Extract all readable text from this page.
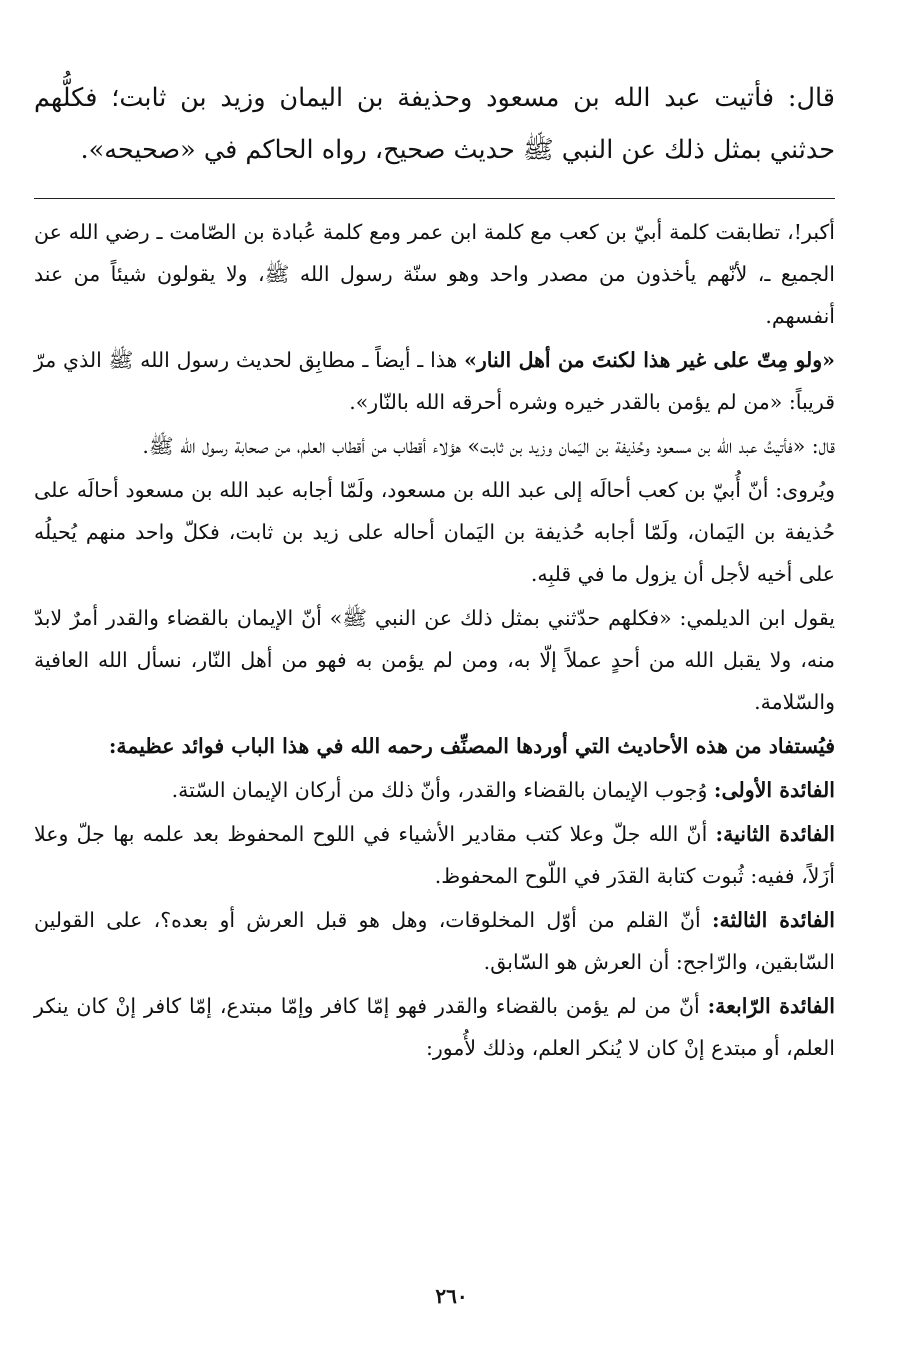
قال: فأتيت عبد الله بن مسعود وحذيفة بن اليمان وزيد بن ثابت؛ فكلُّهم حدثني بمثل ذلك عن النبي ﷺ حديث صحيح، رواه الحاكم في «صحيحه».

أكبر!، تطابقت كلمة أبيّ بن كعب مع كلمة ابن عمر ومع كلمة عُبادة بن الصّامت ـ رضي الله عن الجميع ـ، لأنّهم يأخذون من مصدر واحد وهو سنّة رسول الله ﷺ، ولا يقولون شيئاً من عند أنفسهم.

«ولو مِتّ على غير هذا لكنتَ من أهل النار» هذا ـ أيضاً ـ مطابِق لحديث رسول الله ﷺ الذي مرّ قريباً: «من لم يؤمن بالقدر خيره وشره أحرقه الله بالنّار».

قال: «فأتيتُ عبد الله بن مسعود وحُذيفة بن اليَمان وزيد بن ثابت» هؤلاء أقطاب من أقطاب العلم، من صحابة رسول الله ﷺ.

ويُروى: أنّ أُبيّ بن كعب أحالَه إلى عبد الله بن مسعود، ولَمّا أجابه عبد الله بن مسعود أحالَه على حُذيفة بن اليَمان، ولَمّا أجابه حُذيفة بن اليَمان أحاله على زيد بن ثابت، فكلّ واحد منهم يُحيلُه على أخيه لأجل أن يزول ما في قلبِه.

يقول ابن الديلمي: «فكلهم حدّثني بمثل ذلك عن النبي ﷺ» أنّ الإيمان بالقضاء والقدر أمرٌ لابدّ منه، ولا يقبل الله من أحدٍ عملاً إلّا به، ومن لم يؤمن به فهو من أهل النّار، نسأل الله العافية والسّلامة.

فيُستفاد من هذه الأحاديث التي أوردها المصنِّف رحمه الله في هذا الباب فوائد عظيمة:

الفائدة الأولى: وُجوب الإيمان بالقضاء والقدر، وأنّ ذلك من أركان الإيمان السّتة.

الفائدة الثانية: أنّ الله جلّ وعلا كتب مقادير الأشياء في اللوح المحفوظ بعد علمه بها جلّ وعلا أزَلاً، ففيه: ثُبوت كتابة القدَر في اللّوح المحفوظ.

الفائدة الثالثة: أنّ القلم من أوّل المخلوقات، وهل هو قبل العرش أو بعده؟، على القولين السّابقين، والرّاجح: أن العرش هو السّابق.

الفائدة الرّابعة: أنّ من لم يؤمن بالقضاء والقدر فهو إمّا كافر وإمّا مبتدع، إمّا كافر إنْ كان ينكر العلم، أو مبتدع إنْ كان لا يُنكر العلم، وذلك لأُمور:

٢٦٠
